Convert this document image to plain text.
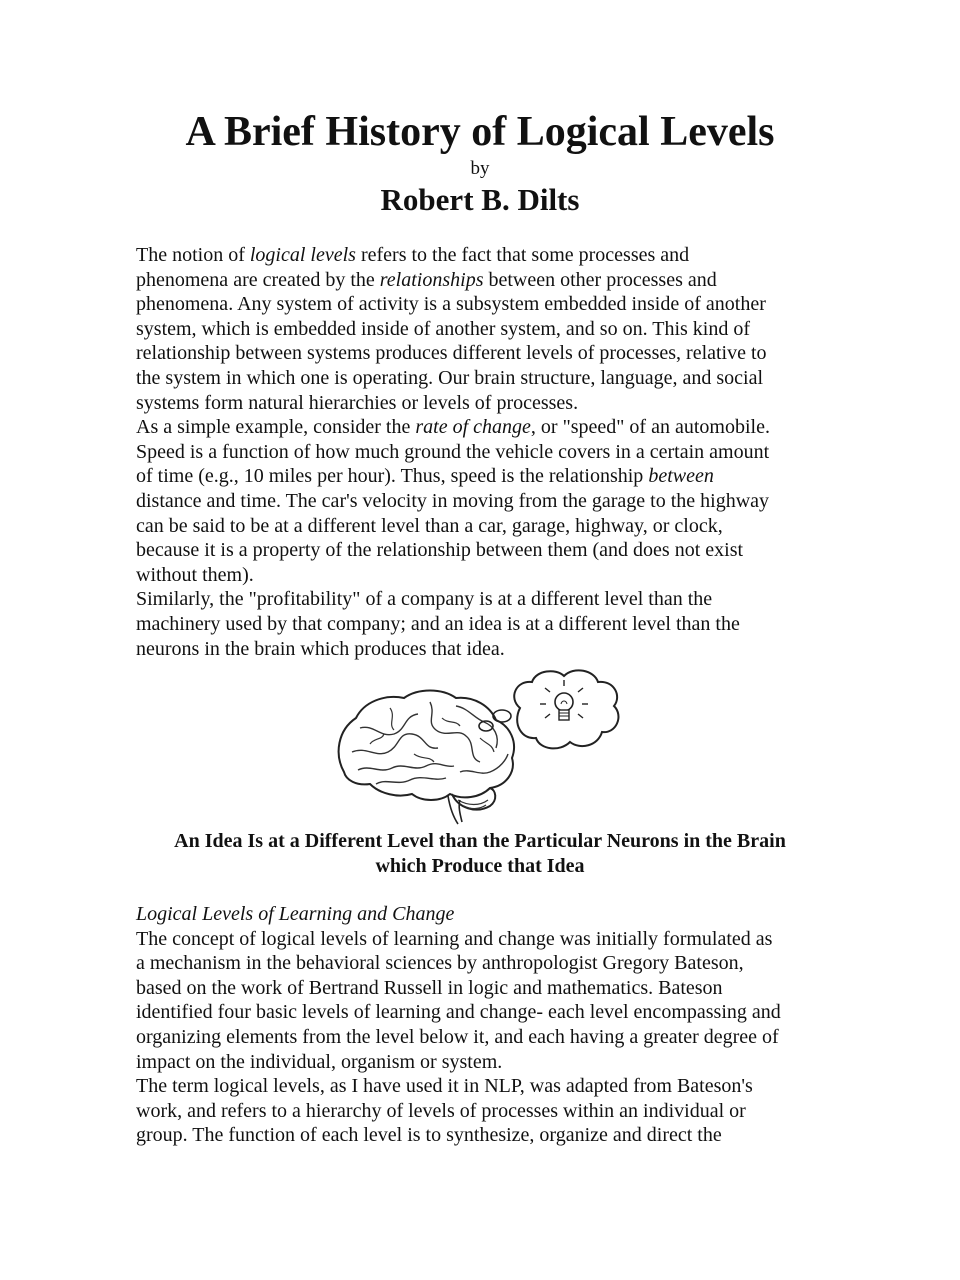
A Brief History of Logical Levels
by
Robert B. Dilts
The notion of logical levels refers to the fact that some processes and
phenomena are created by the relationships between other processes and
phenomena. Any system of activity is a subsystem embedded inside of another
system, which is embedded inside of another system, and so on. This kind of
relationship between systems produces different levels of processes, relative to
the system in which one is operating. Our brain structure, language, and social
systems form natural hierarchies or levels of processes.
As a simple example, consider the rate of change, or "speed" of an automobile.
Speed is a function of how much ground the vehicle covers in a certain amount
of time (e.g., 10 miles per hour). Thus, speed is the relationship between
distance and time. The car's velocity in moving from the garage to the highway
can be said to be at a different level than a car, garage, highway, or clock,
because it is a property of the relationship between them (and does not exist
without them).
Similarly, the "profitability" of a company is at a different level than the
machinery used by that company; and an idea is at a different level than the
neurons in the brain which produces that idea.
An Idea Is at a Different Level than the Particular Neurons in the Brain
which Produce that Idea
Logical Levels of Learning and Change
The concept of logical levels of learning and change was initially formulated as
a mechanism in the behavioral sciences by anthropologist Gregory Bateson,
based on the work of Bertrand Russell in logic and mathematics. Bateson
identified four basic levels of learning and change- each level encompassing and
organizing elements from the level below it, and each having a greater degree of
impact on the individual, organism or system.
The term logical levels, as I have used it in NLP, was adapted from Bateson's
work, and refers to a hierarchy of levels of processes within an individual or
group. The function of each level is to synthesize, organize and direct the
